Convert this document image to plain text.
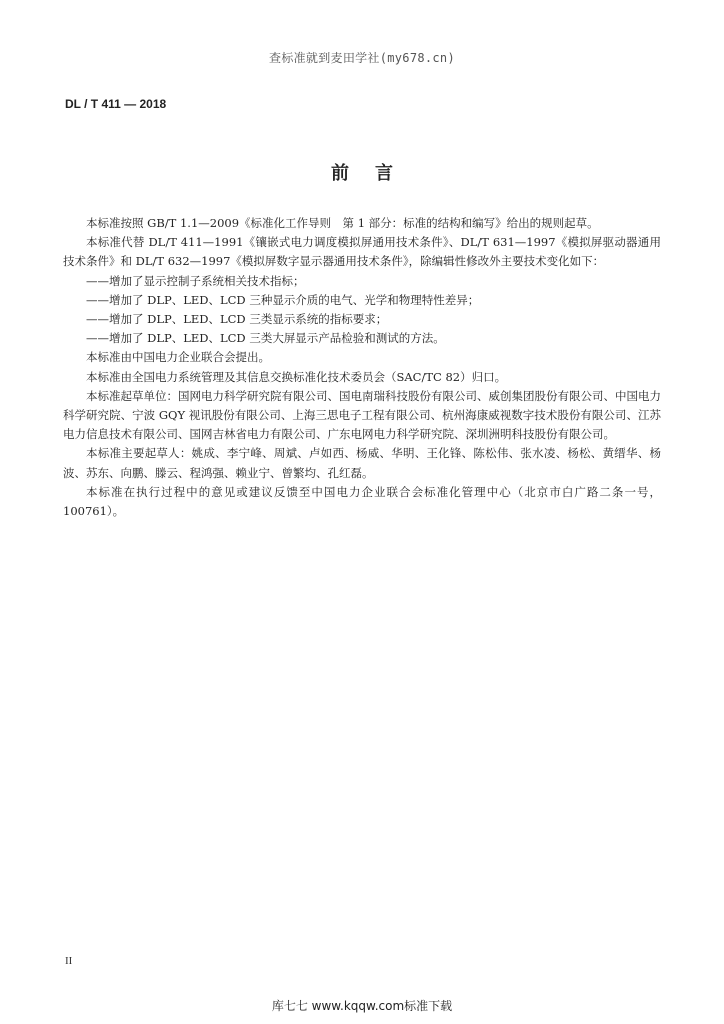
查标准就到麦田学社(my678.cn)
DL / T 411 — 2018
前言

本标准按照 GB/T 1.1—2009《标准化工作导则　第 1 部分：标准的结构和编写》给出的规则起草。

本标准代替 DL/T 411—1991《镶嵌式电力调度模拟屏通用技术条件》、DL/T 631—1997《模拟屏驱动器通用技术条件》和 DL/T 632—1997《模拟屏数字显示器通用技术条件》，除编辑性修改外主要技术变化如下：

——增加了显示控制子系统相关技术指标；

——增加了 DLP、LED、LCD 三种显示介质的电气、光学和物理特性差异；

——增加了 DLP、LED、LCD 三类显示系统的指标要求；

——增加了 DLP、LED、LCD 三类大屏显示产品检验和测试的方法。

本标准由中国电力企业联合会提出。

本标准由全国电力系统管理及其信息交换标准化技术委员会（SAC/TC 82）归口。

本标准起草单位：国网电力科学研究院有限公司、国电南瑞科技股份有限公司、威创集团股份有限公司、中国电力科学研究院、宁波 GQY 视讯股份有限公司、上海三思电子工程有限公司、杭州海康威视数字技术股份有限公司、江苏电力信息技术有限公司、国网吉林省电力有限公司、广东电网电力科学研究院、深圳洲明科技股份有限公司。

本标准主要起草人：姚成、李宁峰、周斌、卢如西、杨威、华明、王化锋、陈松伟、张水凌、杨松、黄缙华、杨波、苏东、向鹏、滕云、程鸿强、赖业宁、曾繁均、孔红磊。

本标准在执行过程中的意见或建议反馈至中国电力企业联合会标准化管理中心（北京市白广路二条一号，100761）。

II
库七七 www.kqqw.com标准下载
